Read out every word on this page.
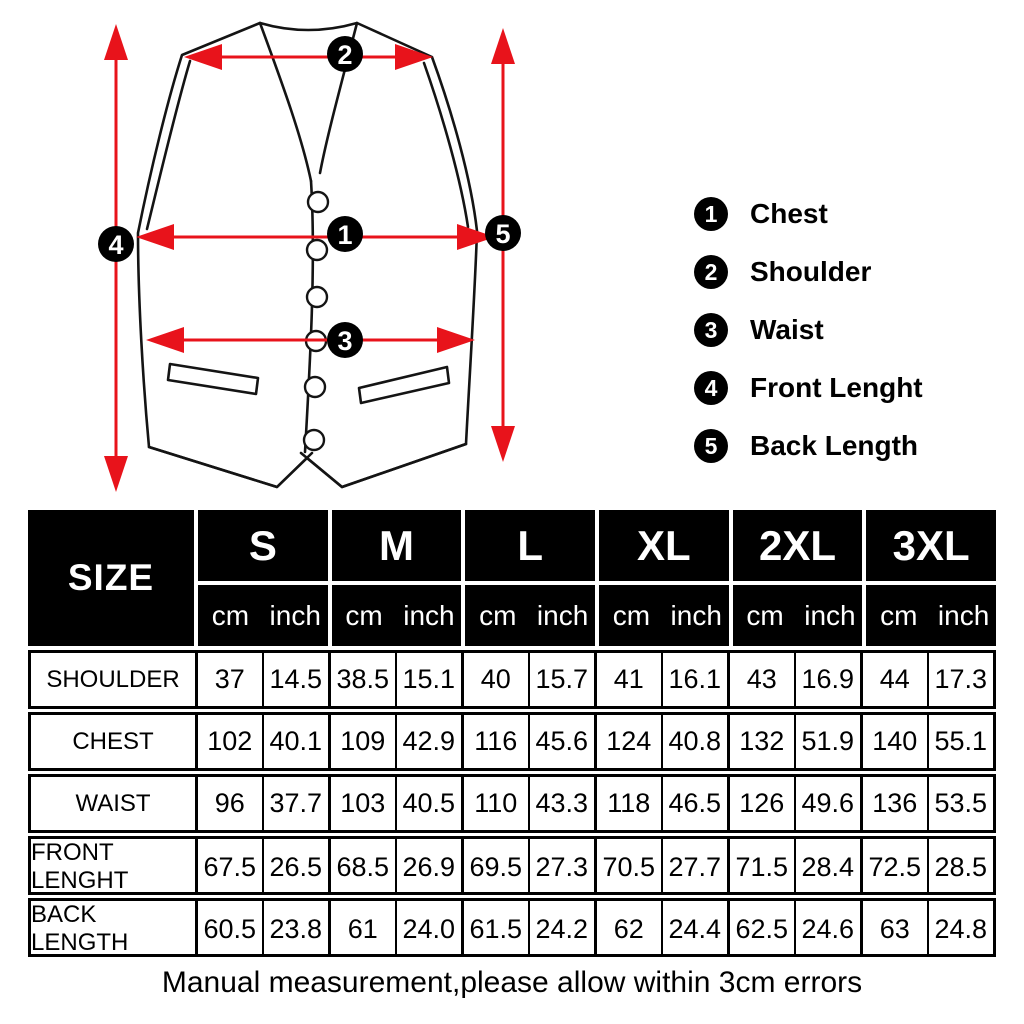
1
2
3
4	5
1	Chest
2	Shoulder
3	Waist
4	Front Lenght
5	Back Length
SIZE
S	M	L	XL	2XL	3XL
cm inch cm inch cm inch cm inch cm inch cm inch
SHOULDER	37 14.5 38.5 15.1 40 15.7 41 16.1 43 16.9 44 17.3
CHEST	102 40.1 109 42.9 116 45.6 124 40.8 132 51.9 140 55.1
WAIST	96 37.7 103 40.5 110 43.3 118 46.5 126 49.6 136 53.5
FRONT LENGHT	67.5 26.5 68.5 26.9 69.5 27.3 70.5 27.7 71.5 28.4 72.5 28.5
BACK LENGTH	60.5 23.8 61 24.0 61.5 24.2 62 24.4 62.5 24.6 63 24.8
Manual measurement,please allow within 3cm errors
